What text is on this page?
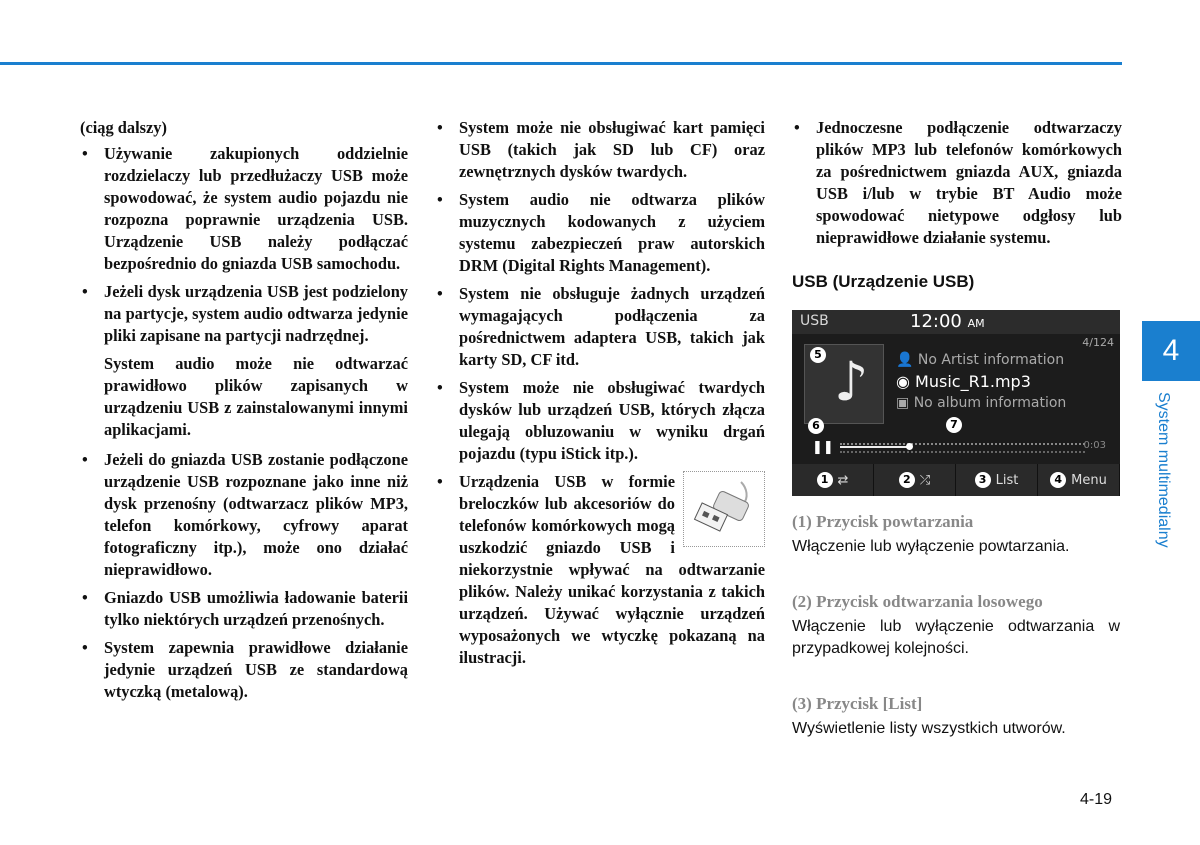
(ciąg dalszy)
• Używanie zakupionych oddzielnie rozdzielaczy lub przedłużaczy USB może spowodować, że system audio pojazdu nie rozpozna poprawnie urządzenia USB. Urządzenie USB należy podłączać bezpośrednio do gniazda USB samochodu.
• Jeżeli dysk urządzenia USB jest podzielony na partycje, system audio odtwarza jedynie pliki zapisane na partycji nadrzędnej.
System audio może nie odtwarzać prawidłowo plików zapisanych w urządzeniu USB z zainstalowanymi innymi aplikacjami.
• Jeżeli do gniazda USB zostanie podłączone urządzenie USB rozpoznane jako inne niż dysk przenośny (odtwarzacz plików MP3, telefon komórkowy, cyfrowy aparat fotograficzny itp.), może ono działać nieprawidłowo.
• Gniazdo USB umożliwia ładowanie baterii tylko niektórych urządzeń przenośnych.
• System zapewnia prawidłowe działanie jedynie urządzeń USB ze standardową wtyczką (metalową).
• System może nie obsługiwać kart pamięci USB (takich jak SD lub CF) oraz zewnętrznych dysków twardych.
• System audio nie odtwarza plików muzycznych kodowanych z użyciem systemu zabezpieczeń praw autorskich DRM (Digital Rights Management).
• System nie obsługuje żadnych urządzeń wymagających podłączenia za pośrednictwem adaptera USB, takich jak karty SD, CF itd.
• System może nie obsługiwać twardych dysków lub urządzeń USB, których złącza ulegają obluzowaniu w wyniku drgań pojazdu (typu iStick itp.).
• Urządzenia USB w formie breloczków lub akcesoriów do telefonów komórkowych mogą uszkodzić gniazdo USB i niekorzystnie wpływać na odtwarzanie plików. Należy unikać korzystania z takich urządzeń. Używać wyłącznie urządzeń wyposażonych we wtyczkę pokazaną na ilustracji.
• Jednoczesne podłączenie odtwarzaczy plików MP3 lub telefonów komórkowych za pośrednictwem gniazda AUX, gniazda USB i/lub w trybie BT Audio może spowodować nietypowe odgłosy lub nieprawidłowe działanie systemu.
USB (Urządzenie USB)
USB	12:00 AM
4/124
♪
5	👤 No Artist information
◉ Music_R1.mp3
▣ No album information
6	7
❚❚	0:03
1 ⇄	2 ⤮	3 List	4 Menu
(1) Przycisk powtarzania
Włączenie lub wyłączenie powtarzania.
(2) Przycisk odtwarzania losowego
Włączenie lub wyłączenie odtwarzania w przypadkowej kolejności.
(3) Przycisk [List]
Wyświetlenie listy wszystkich utworów.
4
System multimedialny
4-19
